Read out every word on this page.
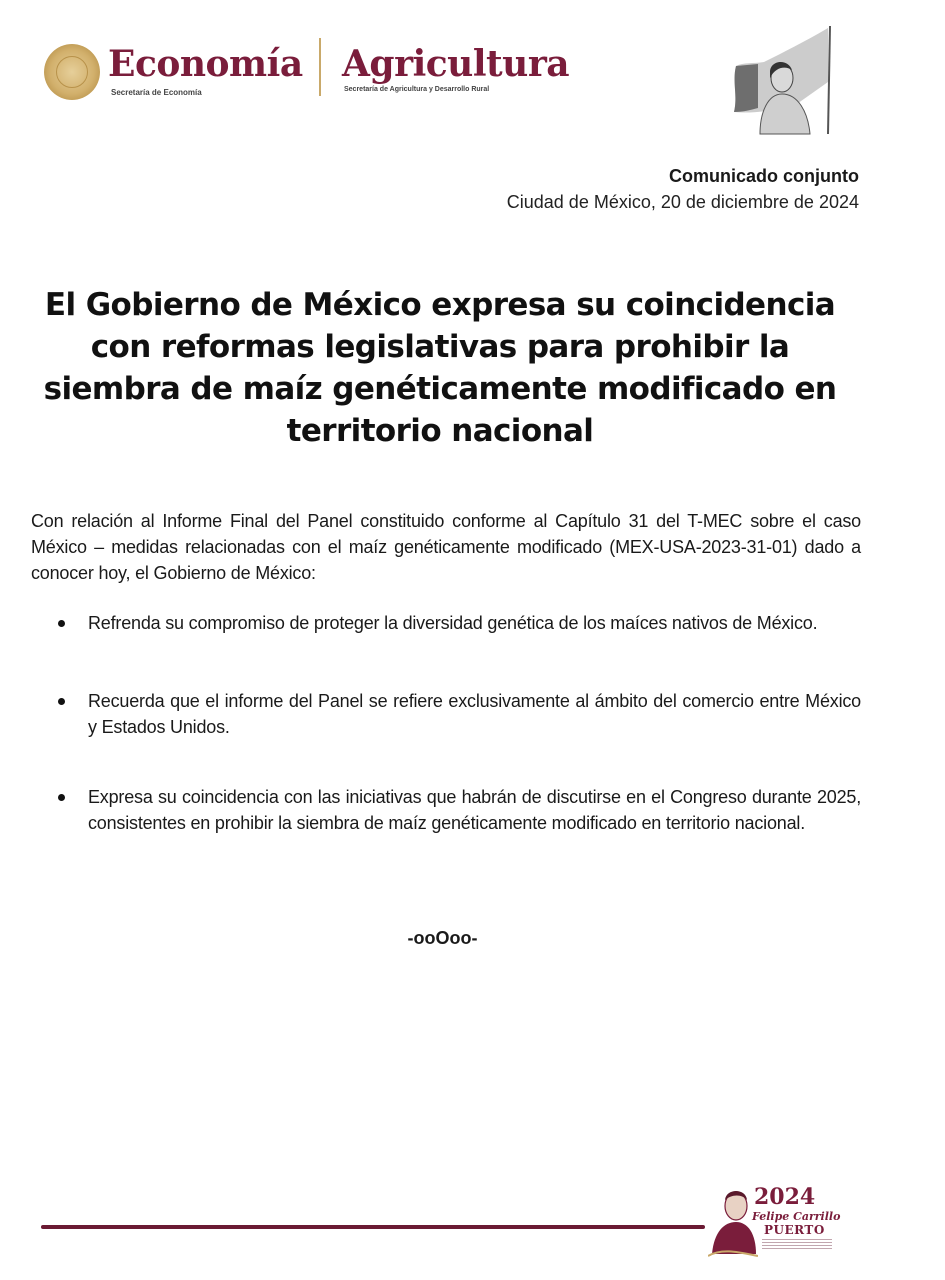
Economía
Secretaría de Economía
Agricultura
Secretaría de Agricultura y Desarrollo Rural
Comunicado conjunto
Ciudad de México, 20 de diciembre de 2024
El Gobierno de México expresa su coincidencia con reformas legislativas para prohibir la siembra de maíz genéticamente modificado en territorio nacional
Con relación al Informe Final del Panel constituido conforme al Capítulo 31 del T-MEC sobre el caso México – medidas relacionadas con el maíz genéticamente modificado (MEX-USA-2023-31-01) dado a conocer hoy, el Gobierno de México:
Refrenda su compromiso de proteger la diversidad genética de los maíces nativos de México.
Recuerda que el informe del Panel se refiere exclusivamente al ámbito del comercio entre México y Estados Unidos.
Expresa su coincidencia con las iniciativas que habrán de discutirse en el Congreso durante 2025, consistentes en prohibir la siembra de maíz genéticamente modificado en territorio nacional.
-ooOoo-
2024
Felipe Carrillo
PUERTO
